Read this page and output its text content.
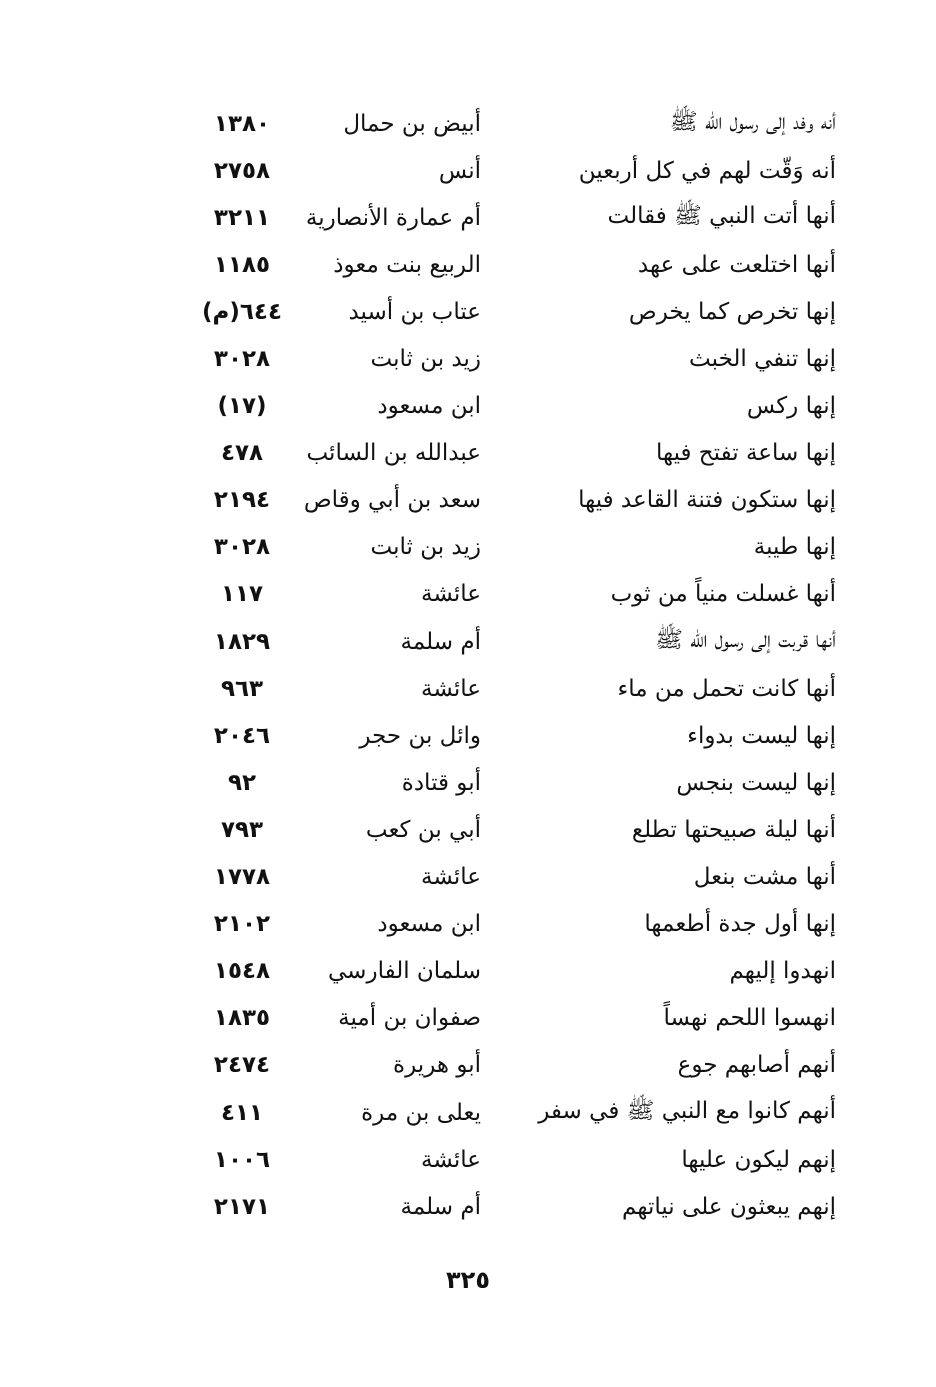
أنه وفد إلى رسول الله ﷺ	أبيض بن حمال	١٣٨٠
أنه وَقّت لهم في كل أربعين	أنس	٢٧٥٨
أنها أتت النبي ﷺ فقالت	أم عمارة الأنصارية	٣٢١١
أنها اختلعت على عهد	الربيع بنت معوذ	١١٨٥
إنها تخرص كما يخرص	عتاب بن أسيد	٦٤٤(م)
إنها تنفي الخبث	زيد بن ثابت	٣٠٢٨
إنها ركس	ابن مسعود	(١٧)
إنها ساعة تفتح فيها	عبدالله بن السائب	٤٧٨
إنها ستكون فتنة القاعد فيها	سعد بن أبي وقاص	٢١٩٤
إنها طيبة	زيد بن ثابت	٣٠٢٨
أنها غسلت منياً من ثوب	عائشة	١١٧
أنها قربت إلى رسول الله ﷺ	أم سلمة	١٨٢٩
أنها كانت تحمل من ماء	عائشة	٩٦٣
إنها ليست بدواء	وائل بن حجر	٢٠٤٦
إنها ليست بنجس	أبو قتادة	٩٢
أنها ليلة صبيحتها تطلع	أبي بن كعب	٧٩٣
أنها مشت بنعل	عائشة	١٧٧٨
إنها أول جدة أطعمها	ابن مسعود	٢١٠٢
انهدوا إليهم	سلمان الفارسي	١٥٤٨
انهسوا اللحم نهساً	صفوان بن أمية	١٨٣٥
أنهم أصابهم جوع	أبو هريرة	٢٤٧٤
أنهم كانوا مع النبي ﷺ في سفر	يعلى بن مرة	٤١١
إنهم ليكون عليها	عائشة	١٠٠٦
إنهم يبعثون على نياتهم	أم سلمة	٢١٧١
٣٢٥
